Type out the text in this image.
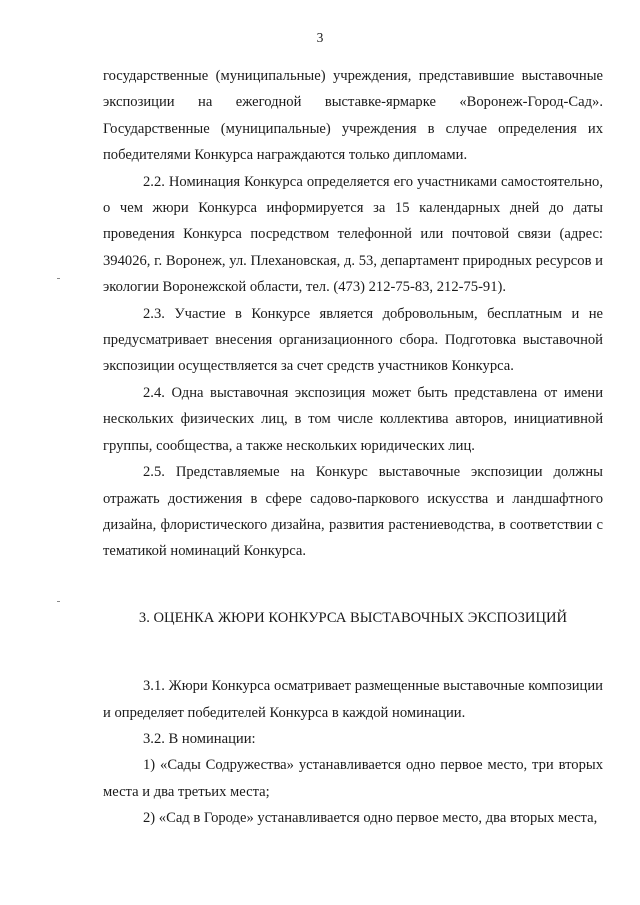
3

государственные (муниципальные) учреждения, представившие выставочные экспозиции на ежегодной выставке-ярмарке «Воронеж-Город-Сад». Государственные (муниципальные) учреждения в случае определения их победителями Конкурса награждаются только дипломами.

2.2. Номинация Конкурса определяется его участниками самостоятельно, о чем жюри Конкурса информируется за 15 календарных дней до даты проведения Конкурса посредством телефонной или почтовой связи (адрес: 394026, г. Воронеж, ул. Плехановская, д. 53, департамент природных ресурсов и экологии Воронежской области, тел. (473) 212-75-83, 212-75-91).

2.3. Участие в Конкурсе является добровольным, бесплатным и не предусматривает внесения организационного сбора. Подготовка выставочной экспозиции осуществляется за счет средств участников Конкурса.

2.4. Одна выставочная экспозиция может быть представлена от имени нескольких физических лиц, в том числе коллектива авторов, инициативной группы, сообщества, а также нескольких юридических лиц.

2.5. Представляемые на Конкурс выставочные экспозиции должны отражать достижения в сфере садово-паркового искусства и ландшафтного дизайна, флористического дизайна, развития растениеводства, в соответствии с тематикой номинаций Конкурса.

3. ОЦЕНКА ЖЮРИ КОНКУРСА ВЫСТАВОЧНЫХ ЭКСПОЗИЦИЙ

3.1. Жюри Конкурса осматривает размещенные выставочные композиции и определяет победителей Конкурса в каждой номинации.

3.2. В номинации:

1) «Сады Содружества» устанавливается одно первое место, три вторых места и два третьих места;

2) «Сад в Городе» устанавливается одно первое место, два вторых места,
